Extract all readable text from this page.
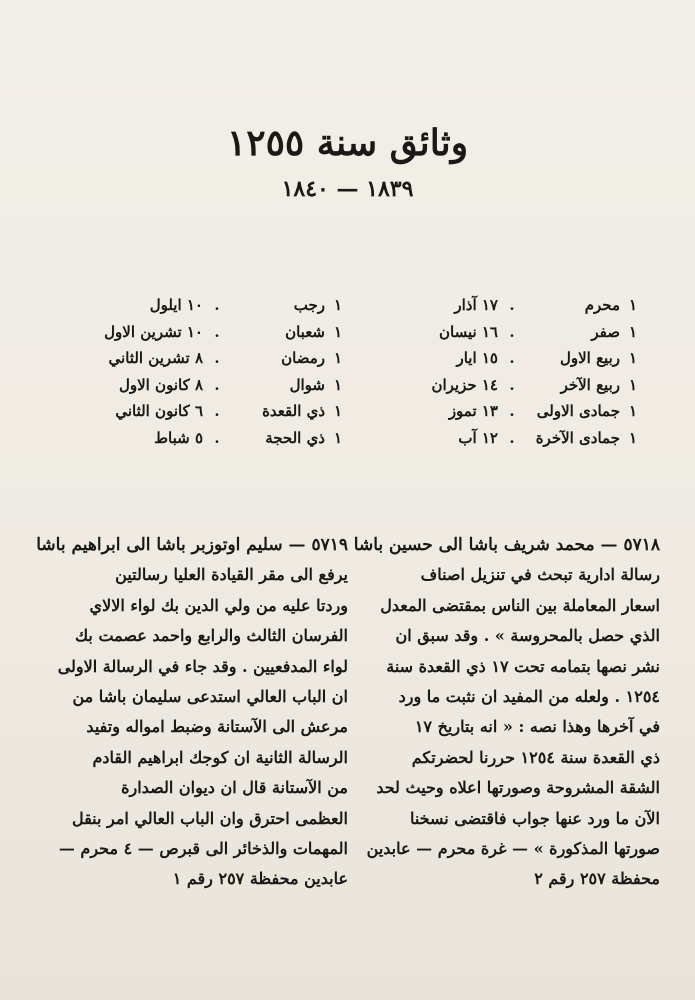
وثائق سنة ١٢٥٥
١٨٣٩ — ١٨٤٠
١
محرم
.
١٧ آذار
١
صفر
.
١٦ نيسان
١
ربيع الاول
.
١٥ ايار
١
ربيع الآخر
.
١٤ حزيران
١
جمادى الاولى
.
١٣ تموز
١
جمادى الآخرة
.
١٢ آب
١
رجب
.
١٠ ايلول
١
شعبان
.
١٠ تشرين الاول
١
رمضان
.
٨ تشرين الثاني
١
شوال
.
٨ كانون الاول
١
ذي القعدة
.
٦ كانون الثاني
١
ذي الحجة
.
٥ شباط
٥٧١٨ — محمد شريف باشا الى حسين باشا
رسالة ادارية تبحث في تنزيل اصناف
اسعار المعاملة بين الناس بمقتضى المعدل
الذي حصل بالمحروسة » . وقد سبق ان
نشر نصها بتمامه تحت ١٧ ذي القعدة سنة
١٢٥٤ . ولعله من المفيد ان نثبت ما ورد
في آخرها وهذا نصه : « انه بتاريخ ١٧
ذي القعدة سنة ١٢٥٤ حررنا لحضرتكم
الشقة المشروحة وصورتها اعلاه وحيث لحد
الآن ما ورد عنها جواب فاقتضى نسخنا
صورتها المذكورة » — غرة محرم — عابدين
محفظة ٢٥٧ رقم ٢
٥٧١٩ — سليم اوتوزبر باشا الى ابراهيم باشا
يرفع الى مقر القيادة العليا رسالتين
وردتا عليه من ولي الدين بك لواء الالاي
الفرسان الثالث والرابع واحمد عصمت بك
لواء المدفعيين . وقد جاء في الرسالة الاولى
ان الباب العالي استدعى سليمان باشا من
مرعش الى الآستانة وضبط امواله وتفيد
الرسالة الثانية ان كوجك ابراهيم القادم
من الآستانة قال ان ديوان الصدارة
العظمى احترق وان الباب العالي امر بنقل
المهمات والذخائر الى قبرص — ٤ محرم —
عابدين محفظة ٢٥٧ رقم ١
